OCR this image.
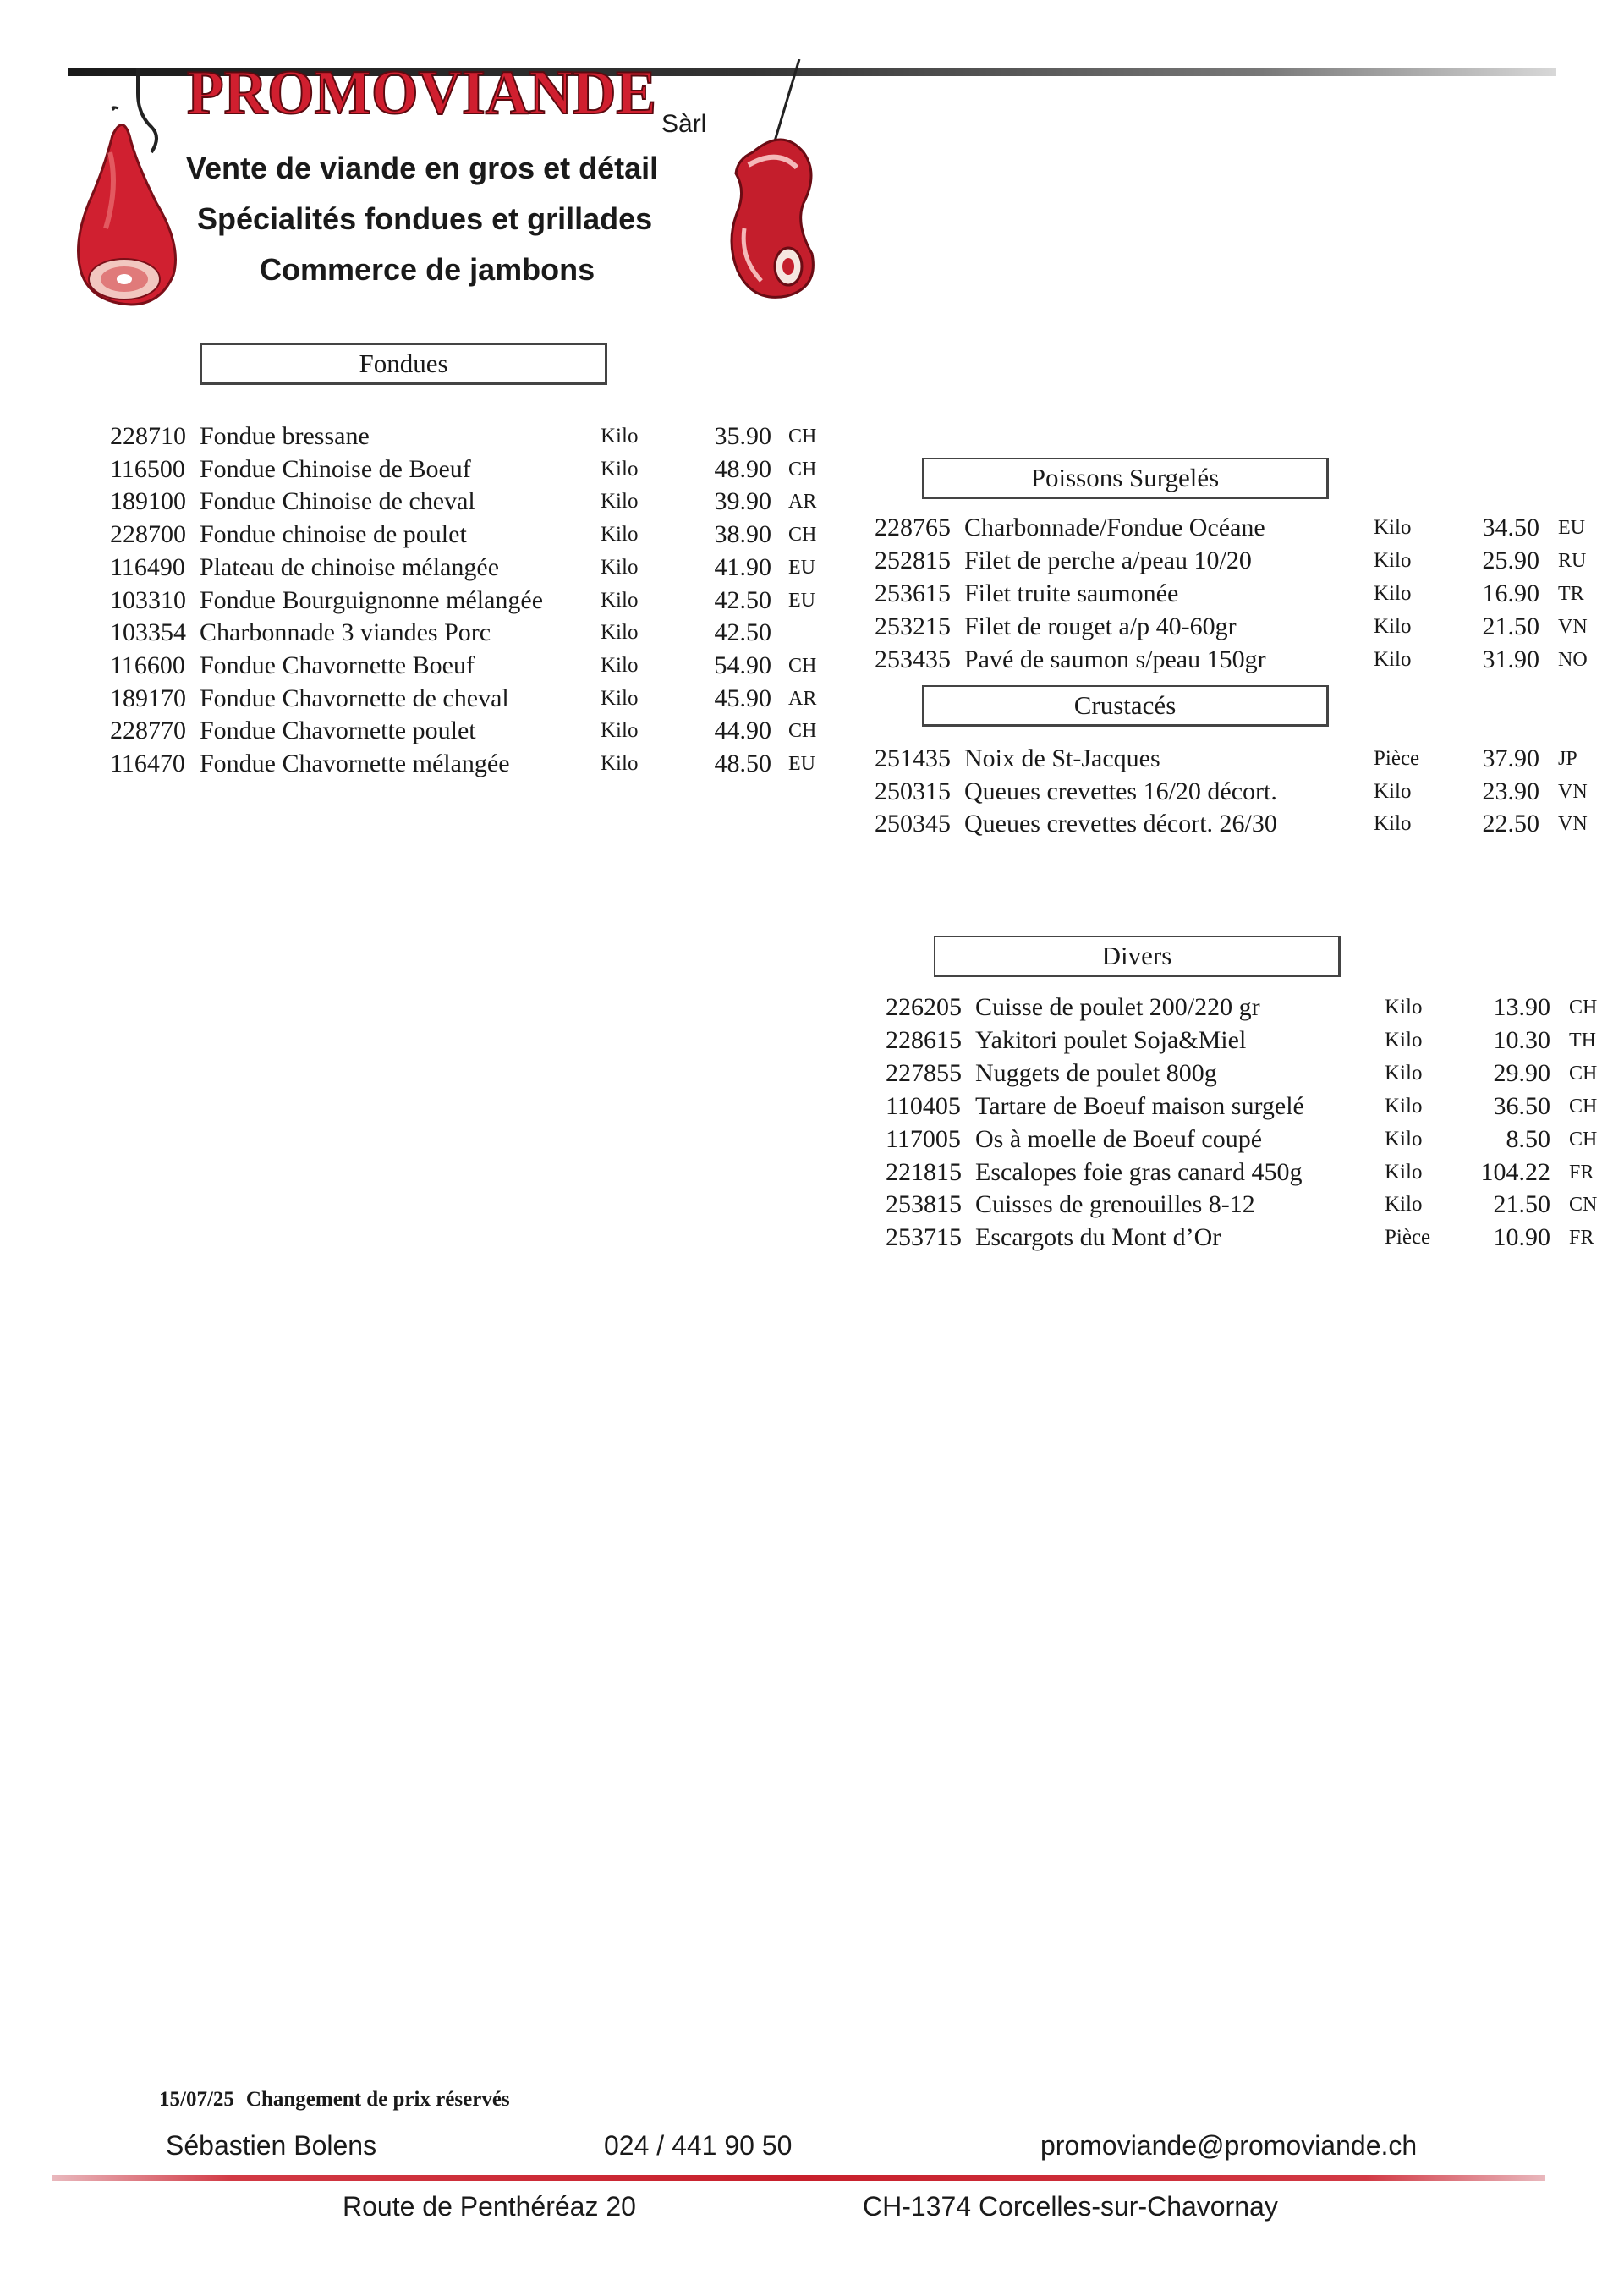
PROMOVIANDE Sàrl
Vente de viande en gros et détail
Spécialités fondues et grillades
Commerce de jambons
Fondues
Poissons Surgelés
Crustacés
Divers
228710 Fondue bressane	Kilo	35.90 CH
116500 Fondue Chinoise de Boeuf	Kilo	48.90 CH
189100 Fondue Chinoise de cheval	Kilo	39.90 AR
228700 Fondue chinoise de poulet	Kilo	38.90 CH
116490 Plateau de chinoise mélangée	Kilo	41.90 EU
103310 Fondue Bourguignonne mélangée	Kilo	42.50 EU
103354 Charbonnade 3 viandes Porc	Kilo	42.50
116600 Fondue Chavornette Boeuf	Kilo	54.90 CH
189170 Fondue Chavornette de cheval	Kilo	45.90 AR
228770 Fondue Chavornette poulet	Kilo	44.90 CH
116470 Fondue Chavornette mélangée	Kilo	48.50 EU
228765 Charbonnade/Fondue Océane	Kilo	34.50 EU
252815 Filet de perche a/peau 10/20	Kilo	25.90 RU
253615 Filet truite saumonée	Kilo	16.90 TR
253215 Filet de rouget a/p 40-60gr	Kilo	21.50 VN
253435 Pavé de saumon s/peau 150gr	Kilo	31.90 NO
251435 Noix de St-Jacques	Pièce	37.90 JP
250315 Queues crevettes 16/20 décort.	Kilo	23.90 VN
250345 Queues crevettes décort. 26/30	Kilo	22.50 VN
226205 Cuisse de poulet 200/220 gr	Kilo	13.90 CH
228615 Yakitori poulet Soja&Miel	Kilo	10.30 TH
227855 Nuggets de poulet 800g	Kilo	29.90 CH
110405 Tartare de Boeuf maison surgelé	Kilo	36.50 CH
117005 Os à moelle de Boeuf coupé	Kilo	8.50 CH
221815 Escalopes foie gras canard 450g	Kilo	104.22 FR
253815 Cuisses de grenouilles 8-12	Kilo	21.50 CN
253715 Escargots du Mont d’Or	Pièce	10.90 FR
15/07/25 Changement de prix réservés
Sébastien Bolens	024 / 441 90 50	promoviande@promoviande.ch
Route de Penthéréaz 20	CH-1374 Corcelles-sur-Chavornay
